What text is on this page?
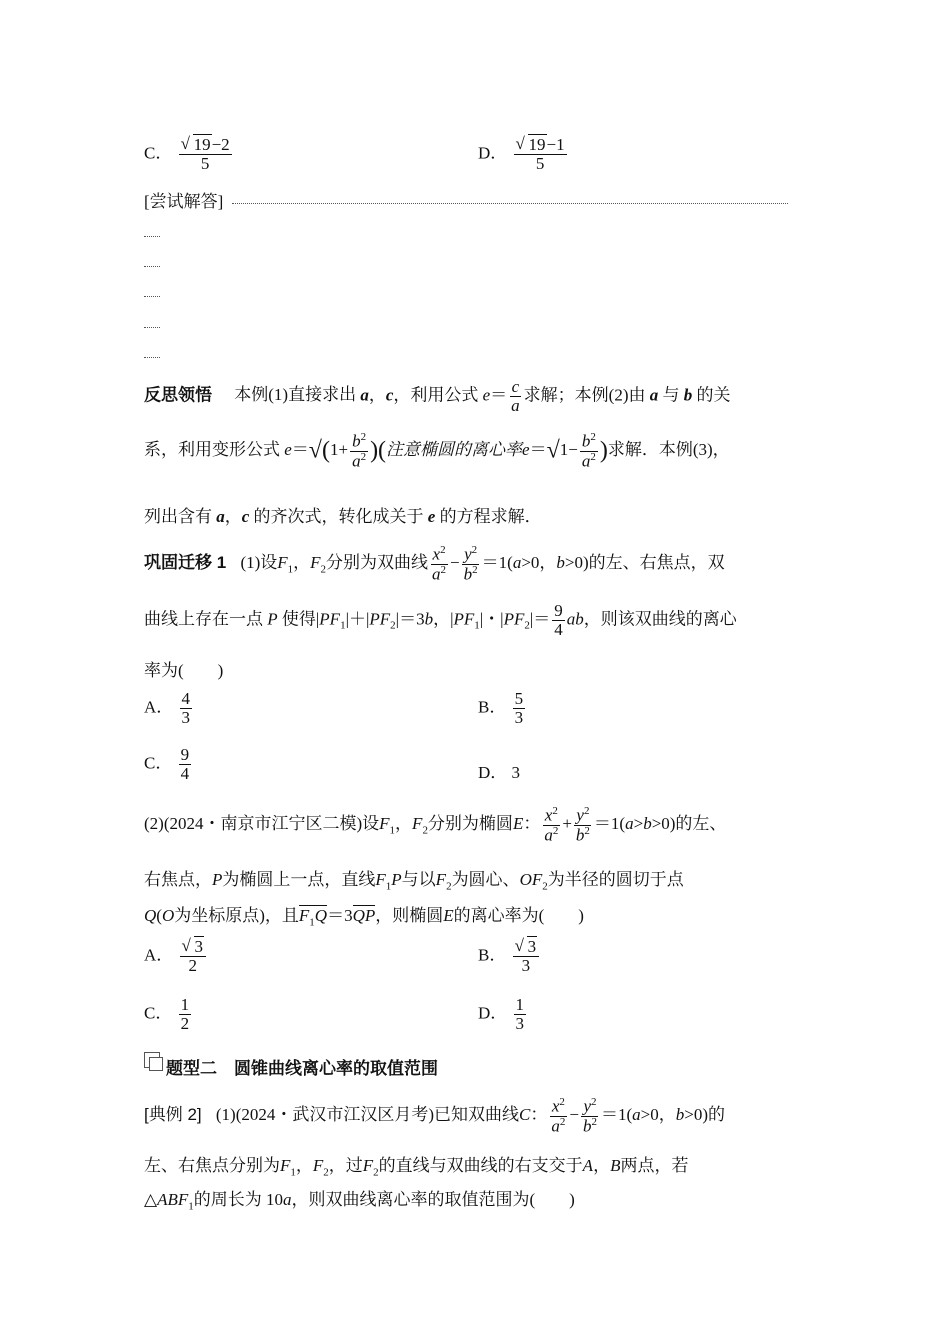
C． √ $\frac{19-2}{5}$	D． √ $\frac{19-1}{5}$
[尝试解答]
反思领悟 本例(1)直接求出 a，c，利用公式 $e= \frac{c}{a}$ 求解；本例(2)由 a 与 b 的关
系，利用变形公式 $e=√(1+ \frac{b^2}{a^2}$ )(注意椭圆的离心率$e=√1- \frac{b^2}{a^2}$ )求解．本例(3)，
列出含有 a，c 的齐次式，转化成关于 e 的方程求解．
巩固迁移 1 (1)设$F_1$，$F_2$分别为双曲线 $\frac{x^2}{a^2} - \frac{y^2}{b^2} =1(a>0$，b>0)的左、右焦点，双
曲线上存在一点 P 使得$|PF_1|+|PF_2|=3b$，$|PF_1|$・$|PF_2|= \frac{9}{4}$ ab，则该双曲线的离心
率为(　　)
A． $\frac{4}{3}$	B． $\frac{5}{3}$
C． $\frac{9}{4}$	D． 3
(2)(2024・南京市江宁区二模)设$F_1$，$F_2$分别为椭圆E： $\frac{x^2}{a^2} + \frac{y^2}{b^2} =1(a>b>0)$的左、
右焦点，P为椭圆上一点，直线$F_1P$与以$F_2$为圆心、$OF_2$为半径的圆切于点
Q(O为坐标原点)，且$F_1Q=3QP$，则椭圆E的离心率为(　　)
A． √ $\frac{3}{2}$	B． √ $\frac{3}{3}$
C． $\frac{1}{2}$	D． $\frac{1}{3}$
题型二　圆锥曲线离心率的取值范围
[典例 2] (1)(2024・武汉市江汉区月考)已知双曲线C： $\frac{x^2}{a^2} - \frac{y^2}{b^2} =1(a>0$，b>0)的
左、右焦点分别为$F_1$，$F_2$，过$F_2$的直线与双曲线的右支交于A，B两点，若
$\triangle ABF_1$的周长为 10a，则双曲线离心率的取值范围为(　　)
